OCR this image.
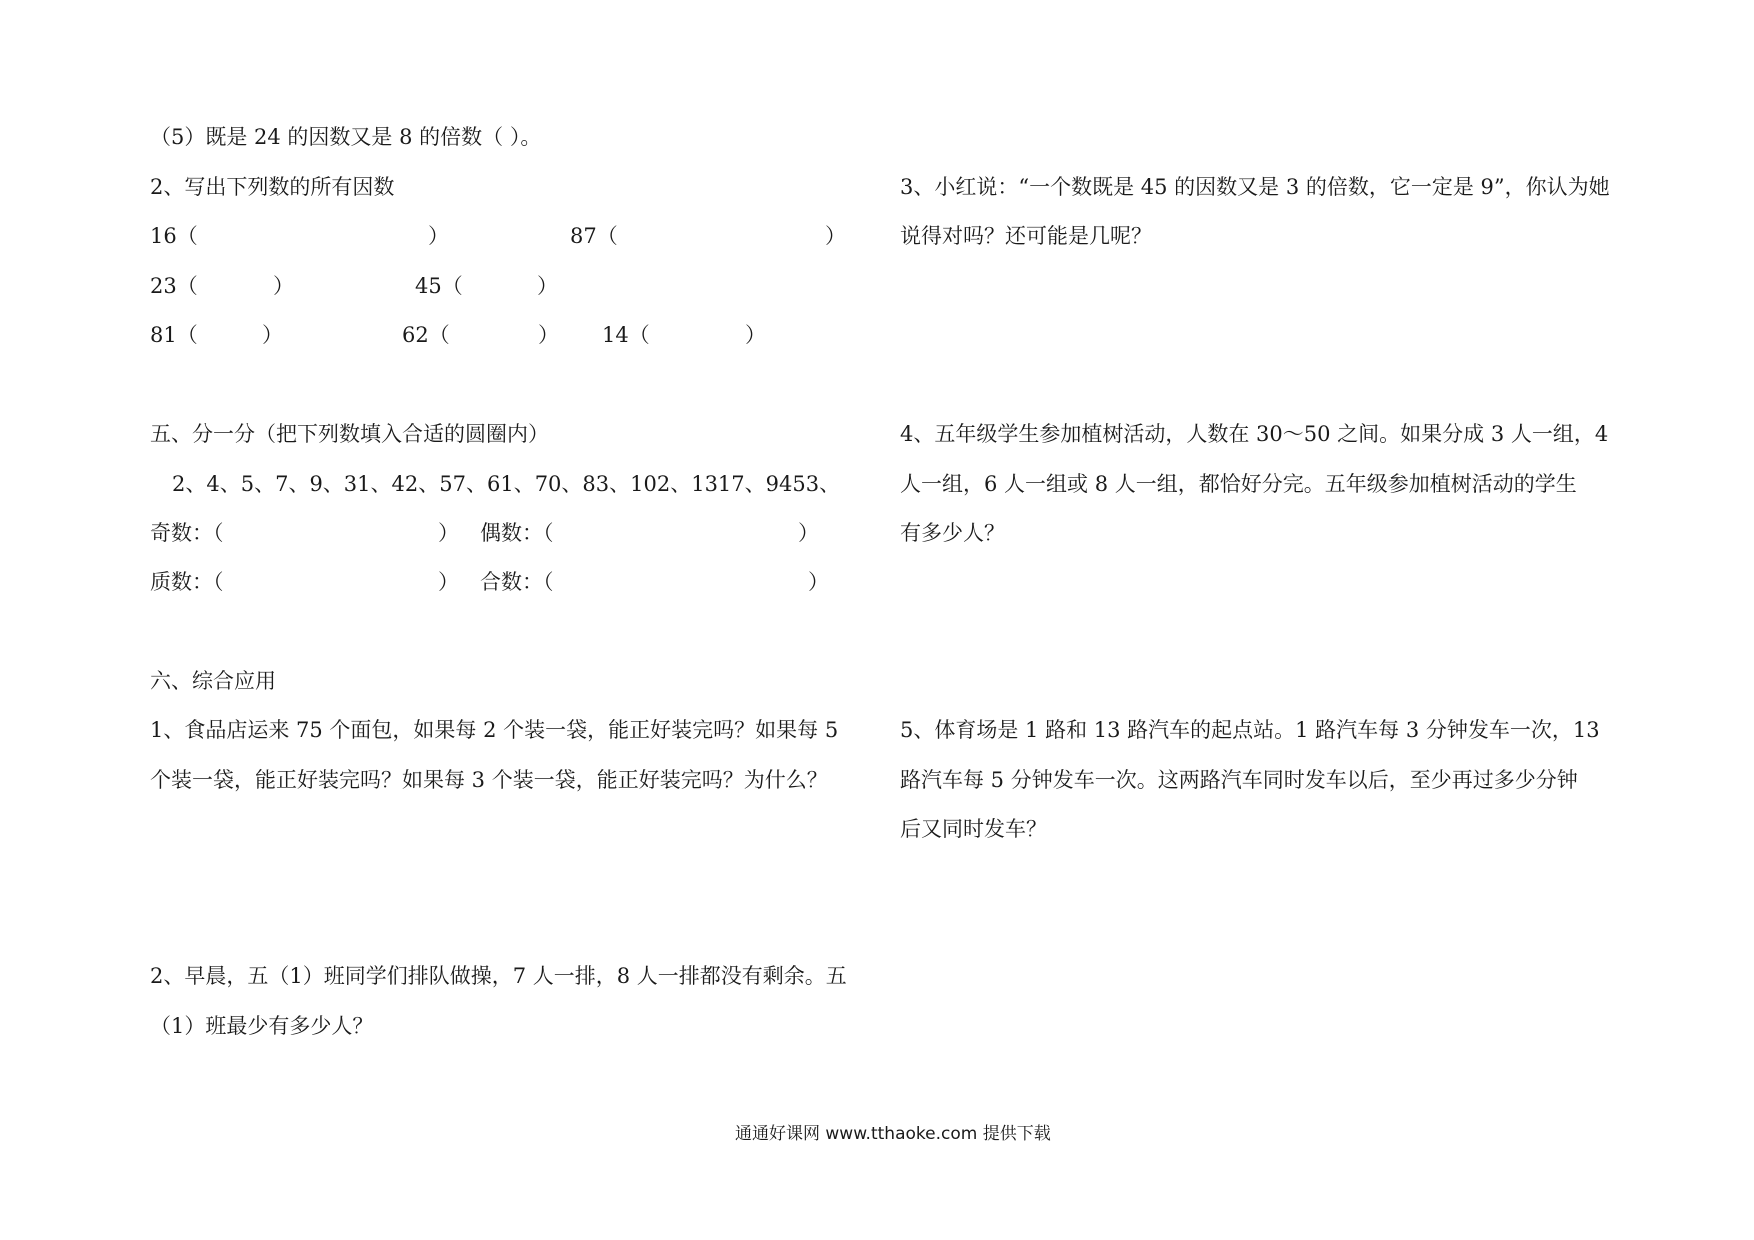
（5）既是 24 的因数又是 8 的倍数（ ）。
2、写出下列数的所有因数
16（	）	87（	）
23（	）	45（	）
81（	）	62（	） 14（	）
五、分一分（把下列数填入合适的圆圈内）
2、4、5、7、9、31、42、57、61、70、83、102、1317、9453、
奇数：（	） 偶数：（	）
质数：（	） 合数：（	）
六、综合应用
1、食品店运来 75 个面包，如果每 2 个装一袋，能正好装完吗？如果每 5
个装一袋，能正好装完吗？如果每 3 个装一袋，能正好装完吗？为什么？
2、早晨，五（1）班同学们排队做操，7 人一排，8 人一排都没有剩余。五
（1）班最少有多少人？
3、小红说：“一个数既是 45 的因数又是 3 的倍数，它一定是 9”，你认为她
说得对吗？还可能是几呢？
4、五年级学生参加植树活动，人数在 30～50 之间。如果分成 3 人一组，4
人一组，6 人一组或 8 人一组，都恰好分完。五年级参加植树活动的学生
有多少人？
5、体育场是 1 路和 13 路汽车的起点站。1 路汽车每 3 分钟发车一次，13
路汽车每 5 分钟发车一次。这两路汽车同时发车以后，至少再过多少分钟
后又同时发车？
通通好课网 www.tthaoke.com 提供下载
